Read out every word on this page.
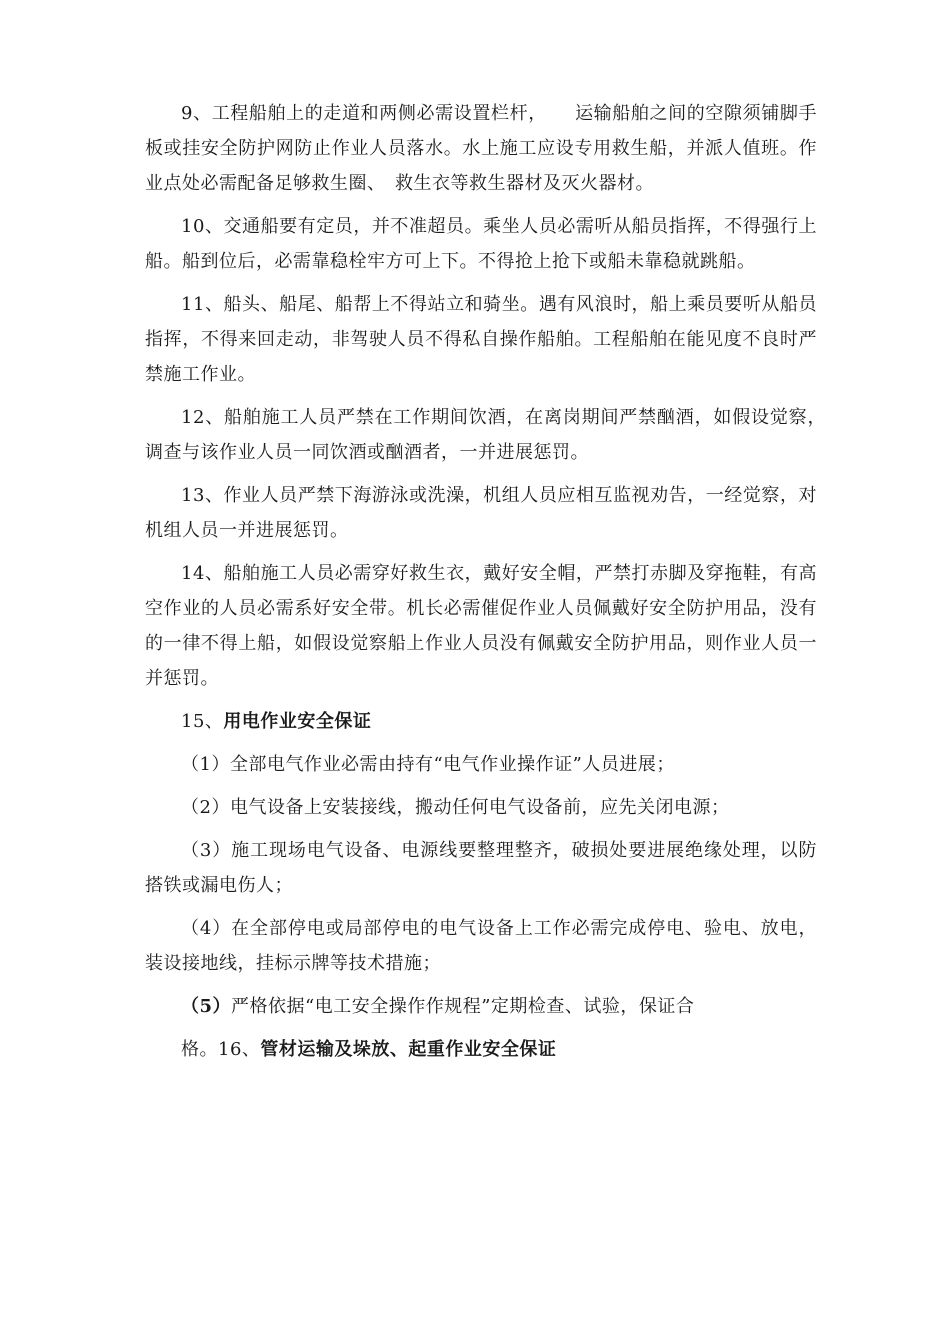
9、工程船舶上的走道和两侧必需设置栏杆，　　运输船舶之间的空隙须铺脚手板或挂安全防护网防止作业人员落水。水上施工应设专用救生船，并派人值班。作业点处必需配备足够救生圈、　救生衣等救生器材及灭火器材。

10、交通船要有定员，并不准超员。乘坐人员必需听从船员指挥，不得强行上船。船到位后，必需靠稳栓牢方可上下。不得抢上抢下或船未靠稳就跳船。

11、船头、船尾、船帮上不得站立和骑坐。遇有风浪时，船上乘员要听从船员指挥，不得来回走动，非驾驶人员不得私自操作船舶。工程船舶在能见度不良时严禁施工作业。

12、船舶施工人员严禁在工作期间饮酒，在离岗期间严禁酗酒，如假设觉察，　调查与该作业人员一同饮酒或酗酒者，一并进展惩罚。

13、作业人员严禁下海游泳或洗澡，机组人员应相互监视劝告，一经觉察，对机组人员一并进展惩罚。

14、船舶施工人员必需穿好救生衣，戴好安全帽，严禁打赤脚及穿拖鞋，有高空作业的人员必需系好安全带。机长必需催促作业人员佩戴好安全防护用品，没有的一律不得上船，如假设觉察船上作业人员没有佩戴安全防护用品，则作业人员一并惩罚。

15、用电作业安全保证

（1）全部电气作业必需由持有“电气作业操作证”人员进展；

（2）电气设备上安装接线，搬动任何电气设备前，应先关闭电源；

（3）施工现场电气设备、电源线要整理整齐，破损处要进展绝缘处理，以防搭铁或漏电伤人；

（4）在全部停电或局部停电的电气设备上工作必需完成停电、验电、放电，装设接地线，挂标示牌等技术措施；

（5）严格依据“电工安全操作作规程”定期检查、试验，保证合

格。16、管材运输及垛放、起重作业安全保证
